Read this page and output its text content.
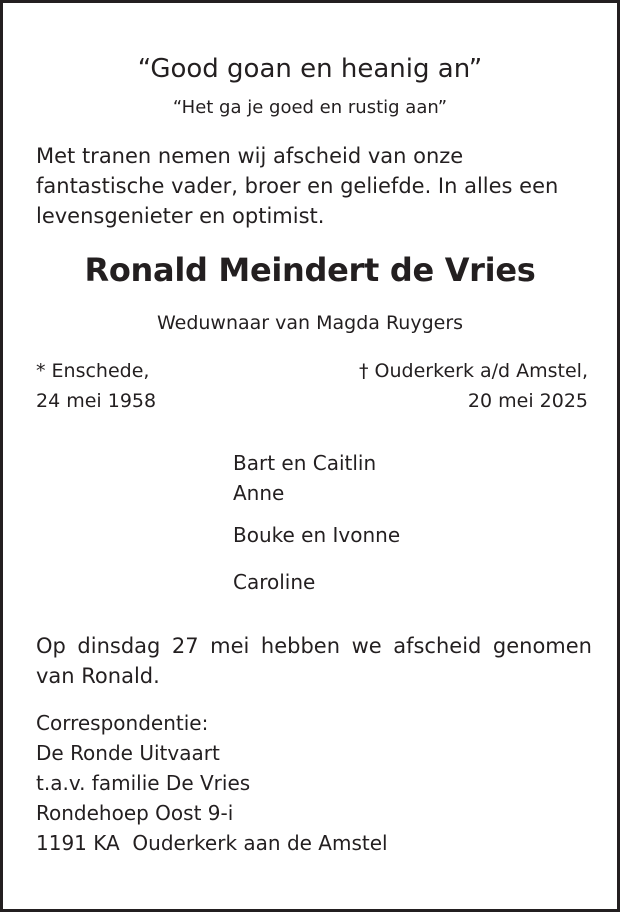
“Good goan en heanig an”
“Het ga je goed en rustig aan”
Met tranen nemen wij afscheid van onze fantastische vader, broer en geliefde. In alles een levensgenieter en optimist.
Ronald Meindert de Vries
Weduwnaar van Magda Ruygers
* Enschede,
24 mei 1958
† Ouderkerk a/d Amstel,
20 mei 2025
Bart en Caitlin
Anne
Bouke en Ivonne
Caroline
Op dinsdag 27 mei hebben we afscheid genomen
van Ronald.
Correspondentie:
De Ronde Uitvaart
t.a.v. familie De Vries
Rondehoep Oost 9-i
1191 KA  Ouderkerk aan de Amstel
